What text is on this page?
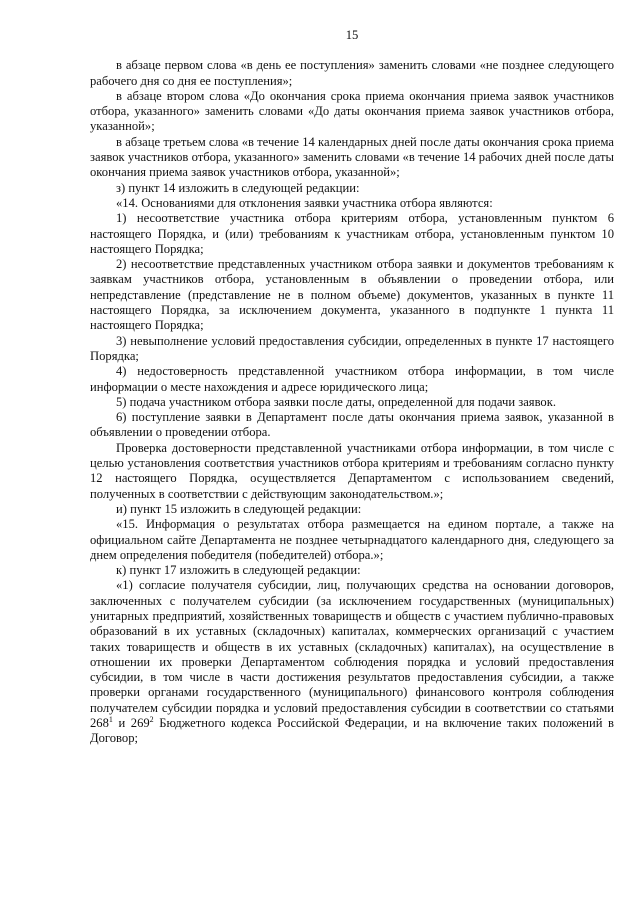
15

в абзаце первом слова «в день ее поступления» заменить словами «не позднее следующего рабочего дня со дня ее поступления»;

в абзаце втором слова «До окончания срока приема окончания приема заявок участников отбора, указанного» заменить словами «До даты окончания приема заявок участников отбора, указанной»;

в абзаце третьем слова «в течение 14 календарных дней после даты окончания срока приема заявок участников отбора, указанного» заменить словами «в течение 14 рабочих дней после даты окончания приема заявок участников отбора, указанной»;

з) пункт 14 изложить в следующей редакции:

«14. Основаниями для отклонения заявки участника отбора являются:

1) несоответствие участника отбора критериям отбора, установленным пунктом 6 настоящего Порядка, и (или) требованиям к участникам отбора, установленным пунктом 10 настоящего Порядка;

2) несоответствие представленных участником отбора заявки и документов требованиям к заявкам участников отбора, установленным в объявлении о проведении отбора, или непредставление (представление не в полном объеме) документов, указанных в пункте 11 настоящего Порядка, за исключением документа, указанного в подпункте 1 пункта 11 настоящего Порядка;

3) невыполнение условий предоставления субсидии, определенных в пункте 17 настоящего Порядка;

4) недостоверность представленной участником отбора информации, в том числе информации о месте нахождения и адресе юридического лица;

5) подача участником отбора заявки после даты, определенной для подачи заявок.

6) поступление заявки в Департамент после даты окончания приема заявок, указанной в объявлении о проведении отбора.

Проверка достоверности представленной участниками отбора информации, в том числе с целью установления соответствия участников отбора критериям и требованиям согласно пункту 12 настоящего Порядка, осуществляется Департаментом с использованием сведений, полученных в соответствии с действующим законодательством.»;

и) пункт 15 изложить в следующей редакции:

«15. Информация о результатах отбора размещается на едином портале, а также на официальном сайте Департамента не позднее четырнадцатого календарного дня, следующего за днем определения победителя (победителей) отбора.»;

к) пункт 17 изложить в следующей редакции:

«1) согласие получателя субсидии, лиц, получающих средства на основании договоров, заключенных с получателем субсидии (за исключением государственных (муниципальных) унитарных предприятий, хозяйственных товариществ и обществ с участием публично-правовых образований в их уставных (складочных) капиталах, коммерческих организаций с участием таких товариществ и обществ в их уставных (складочных) капиталах), на осуществление в отношении их проверки Департаментом соблюдения порядка и условий предоставления субсидии, в том числе в части достижения результатов предоставления субсидии, а также проверки органами государственного (муниципального) финансового контроля соблюдения получателем субсидии порядка и условий предоставления субсидии в соответствии со статьями $268^1$ и $269^2$ Бюджетного кодекса Российской Федерации, и на включение таких положений в Договор;
